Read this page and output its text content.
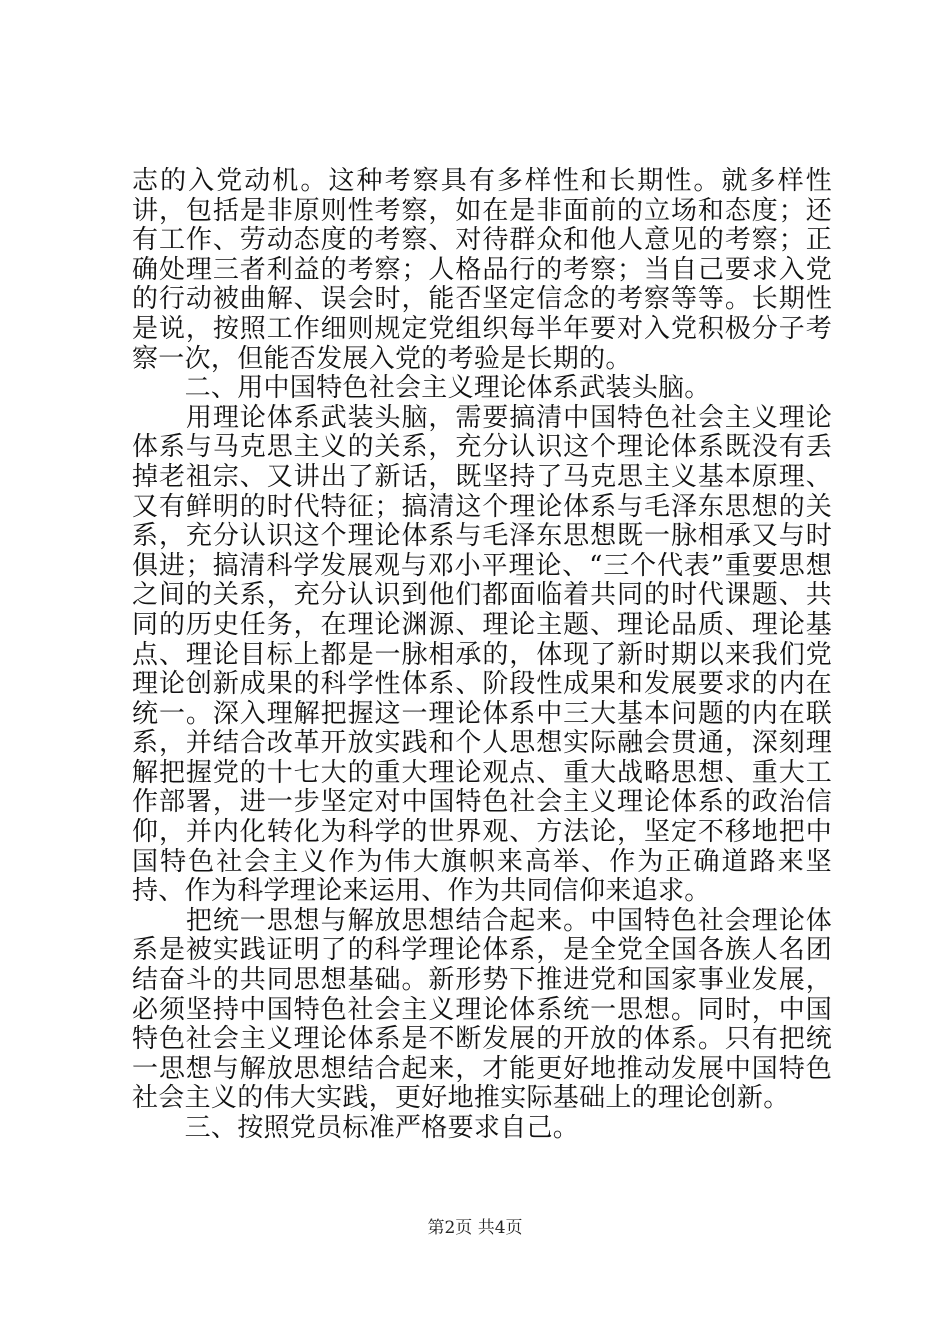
志的入党动机。这种考察具有多样性和长期性。就多样性讲，包括是非原则性考察，如在是非面前的立场和态度；还有工作、劳动态度的考察、对待群众和他人意见的考察；正确处理三者利益的考察；人格品行的考察；当自己要求入党的行动被曲解、误会时，能否坚定信念的考察等等。长期性是说，按照工作细则规定党组织每半年要对入党积极分子考察一次，但能否发展入党的考验是长期的。

　　二、用中国特色社会主义理论体系武装头脑。

　　用理论体系武装头脑，需要搞清中国特色社会主义理论体系与马克思主义的关系，充分认识这个理论体系既没有丢掉老祖宗、又讲出了新话，既坚持了马克思主义基本原理、又有鲜明的时代特征；搞清这个理论体系与毛泽东思想的关系，充分认识这个理论体系与毛泽东思想既一脉相承又与时俱进；搞清科学发展观与邓小平理论、“三个代表”重要思想之间的关系，充分认识到他们都面临着共同的时代课题、共同的历史任务，在理论渊源、理论主题、理论品质、理论基点、理论目标上都是一脉相承的，体现了新时期以来我们党理论创新成果的科学性体系、阶段性成果和发展要求的内在统一。深入理解把握这一理论体系中三大基本问题的内在联系，并结合改革开放实践和个人思想实际融会贯通，深刻理解把握党的十七大的重大理论观点、重大战略思想、重大工作部署，进一步坚定对中国特色社会主义理论体系的政治信仰，并内化转化为科学的世界观、方法论，坚定不移地把中国特色社会主义作为伟大旗帜来高举、作为正确道路来坚持、作为科学理论来运用、作为共同信仰来追求。

　　把统一思想与解放思想结合起来。中国特色社会理论体系是被实践证明了的科学理论体系，是全党全国各族人名团结奋斗的共同思想基础。新形势下推进党和国家事业发展，必须坚持中国特色社会主义理论体系统一思想。同时，中国特色社会主义理论体系是不断发展的开放的体系。只有把统一思想与解放思想结合起来，才能更好地推动发展中国特色社会主义的伟大实践，更好地推实际基础上的理论创新。

　　三、按照党员标准严格要求自己。

第2页 共4页
